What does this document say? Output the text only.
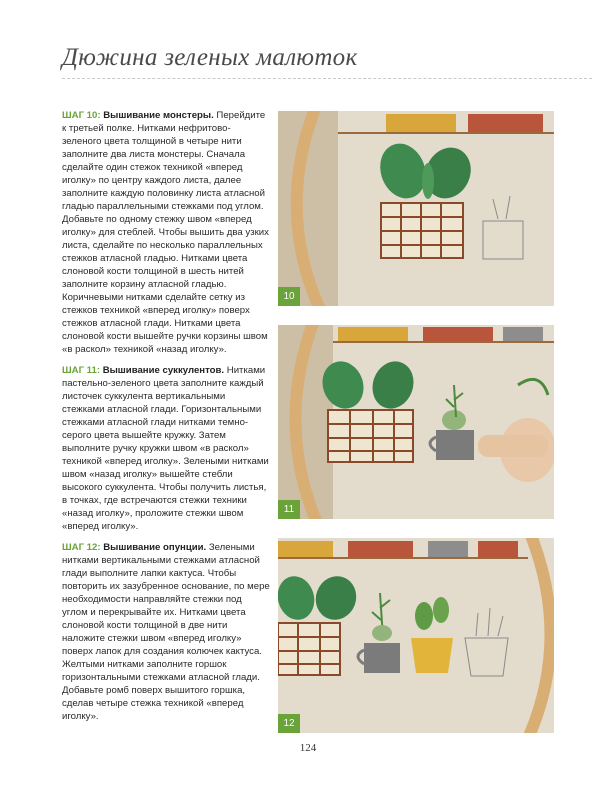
Дюжина зеленых малюток

ШАГ 10: Вышивание монстеры. Перейдите к третьей полке. Нитками нефритово-зеленого цвета толщиной в четыре нити заполните два листа монстеры. Сначала сделайте один стежок техникой «вперед иголку» по центру каждого листа, далее заполните каждую половинку листа атласной гладью параллельными стежками под углом. Добавьте по одному стежку швом «вперед иголку» для стеблей. Чтобы вышить два узких листа, сделайте по несколько параллельных стежков атласной гладью. Нитками цвета слоновой кости толщиной в шесть нитей заполните корзину атласной гладью. Коричневыми нитками сделайте сетку из стежков техникой «вперед иголку» поверх стежков атласной глади. Нитками цвета слоновой кости вышейте ручки корзины швом «в раскол» техникой «назад иголку».

ШАГ 11: Вышивание суккулентов. Нитками пастельно-зеленого цвета заполните каждый листочек суккулента вертикальными стежками атласной глади. Горизонтальными стежками атласной глади нитками темно-серого цвета вышейте кружку. Затем выполните ручку кружки швом «в раскол» техникой «вперед иголку». Зелеными нитками швом «назад иголку» вышейте стебли высокого суккулента. Чтобы получить листья, в точках, где встречаются стежки техники «назад иголку», проложите стежки швом «вперед иголку».

ШАГ 12: Вышивание опунции. Зелеными нитками вертикальными стежками атласной глади выполните лапки кактуса. Чтобы повторить их зазубренное основание, по мере необходимости направляйте стежки под углом и перекрывайте их. Нитками цвета слоновой кости толщиной в две нити наложите стежки швом «вперед иголку» поверх лапок для создания колючек кактуса. Желтыми нитками заполните горшок горизонтальными стежками атласной глади. Добавьте ромб поверх вышитого горшка, сделав четыре стежка техникой «вперед иголку».

10
11
12
124
